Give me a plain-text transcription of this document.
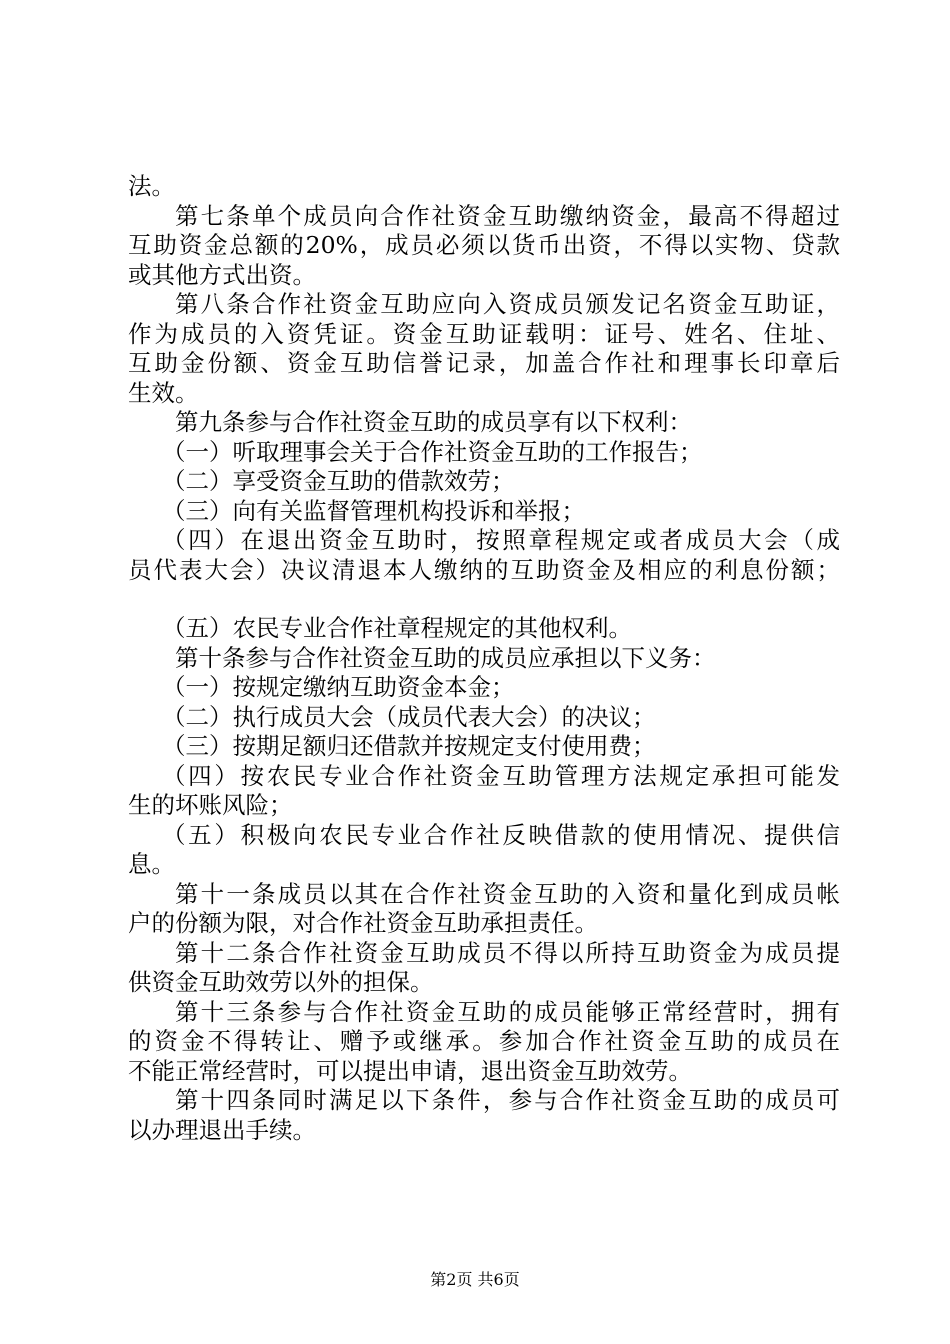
法。
第七条单个成员向合作社资金互助缴纳资金，最高不得超过
互助资金总额的20%，成员必须以货币出资，不得以实物、贷款
或其他方式出资。
第八条合作社资金互助应向入资成员颁发记名资金互助证，
作为成员的入资凭证。资金互助证载明：证号、姓名、住址、
互助金份额、资金互助信誉记录，加盖合作社和理事长印章后
生效。
第九条参与合作社资金互助的成员享有以下权利：
（一）听取理事会关于合作社资金互助的工作报告；
（二）享受资金互助的借款效劳；
（三）向有关监督管理机构投诉和举报；
（四）在退出资金互助时，按照章程规定或者成员大会（成
员代表大会）决议清退本人缴纳的互助资金及相应的利息份额；
（五）农民专业合作社章程规定的其他权利。
第十条参与合作社资金互助的成员应承担以下义务：
（一）按规定缴纳互助资金本金；
（二）执行成员大会（成员代表大会）的决议；
（三）按期足额归还借款并按规定支付使用费；
（四）按农民专业合作社资金互助管理方法规定承担可能发
生的坏账风险；
（五）积极向农民专业合作社反映借款的使用情况、提供信
息。
第十一条成员以其在合作社资金互助的入资和量化到成员帐
户的份额为限，对合作社资金互助承担责任。
第十二条合作社资金互助成员不得以所持互助资金为成员提
供资金互助效劳以外的担保。
第十三条参与合作社资金互助的成员能够正常经营时，拥有
的资金不得转让、赠予或继承。参加合作社资金互助的成员在
不能正常经营时，可以提出申请，退出资金互助效劳。
第十四条同时满足以下条件，参与合作社资金互助的成员可
以办理退出手续。
第2页 共6页
